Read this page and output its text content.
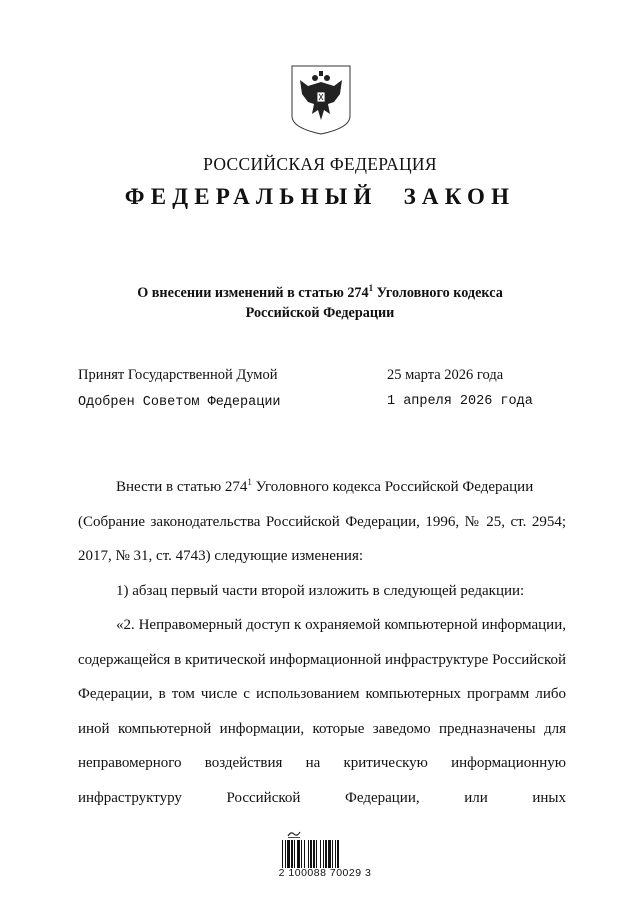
РОССИЙСКАЯ ФЕДЕРАЦИЯ
ФЕДЕРАЛЬНЫЙ ЗАКОН
О внесении изменений в статью $274^1$ Уголовного кодекса
Российской Федерации
Принят Государственной Думой	25 марта 2026 года
Одобрен Советом Федерации	1 апреля 2026 года

Внести в статью $274^1$ Уголовного кодекса Российской Федерации

(Собрание законодательства Российской Федерации, 1996, № 25, ст. 2954; 2017, № 31, ст. 4743) следующие изменения:

1) абзац первый части второй изложить в следующей редакции:

«2. Неправомерный доступ к охраняемой компьютерной информации, содержащейся в критической информационной инфраструктуре Российской Федерации, в том числе с использованием компьютерных программ либо иной компьютерной информации, которые заведомо предназначены для неправомерного воздействия на критическую информационную инфраструктуру Российской Федерации, или иных

2 100088 70029 3
